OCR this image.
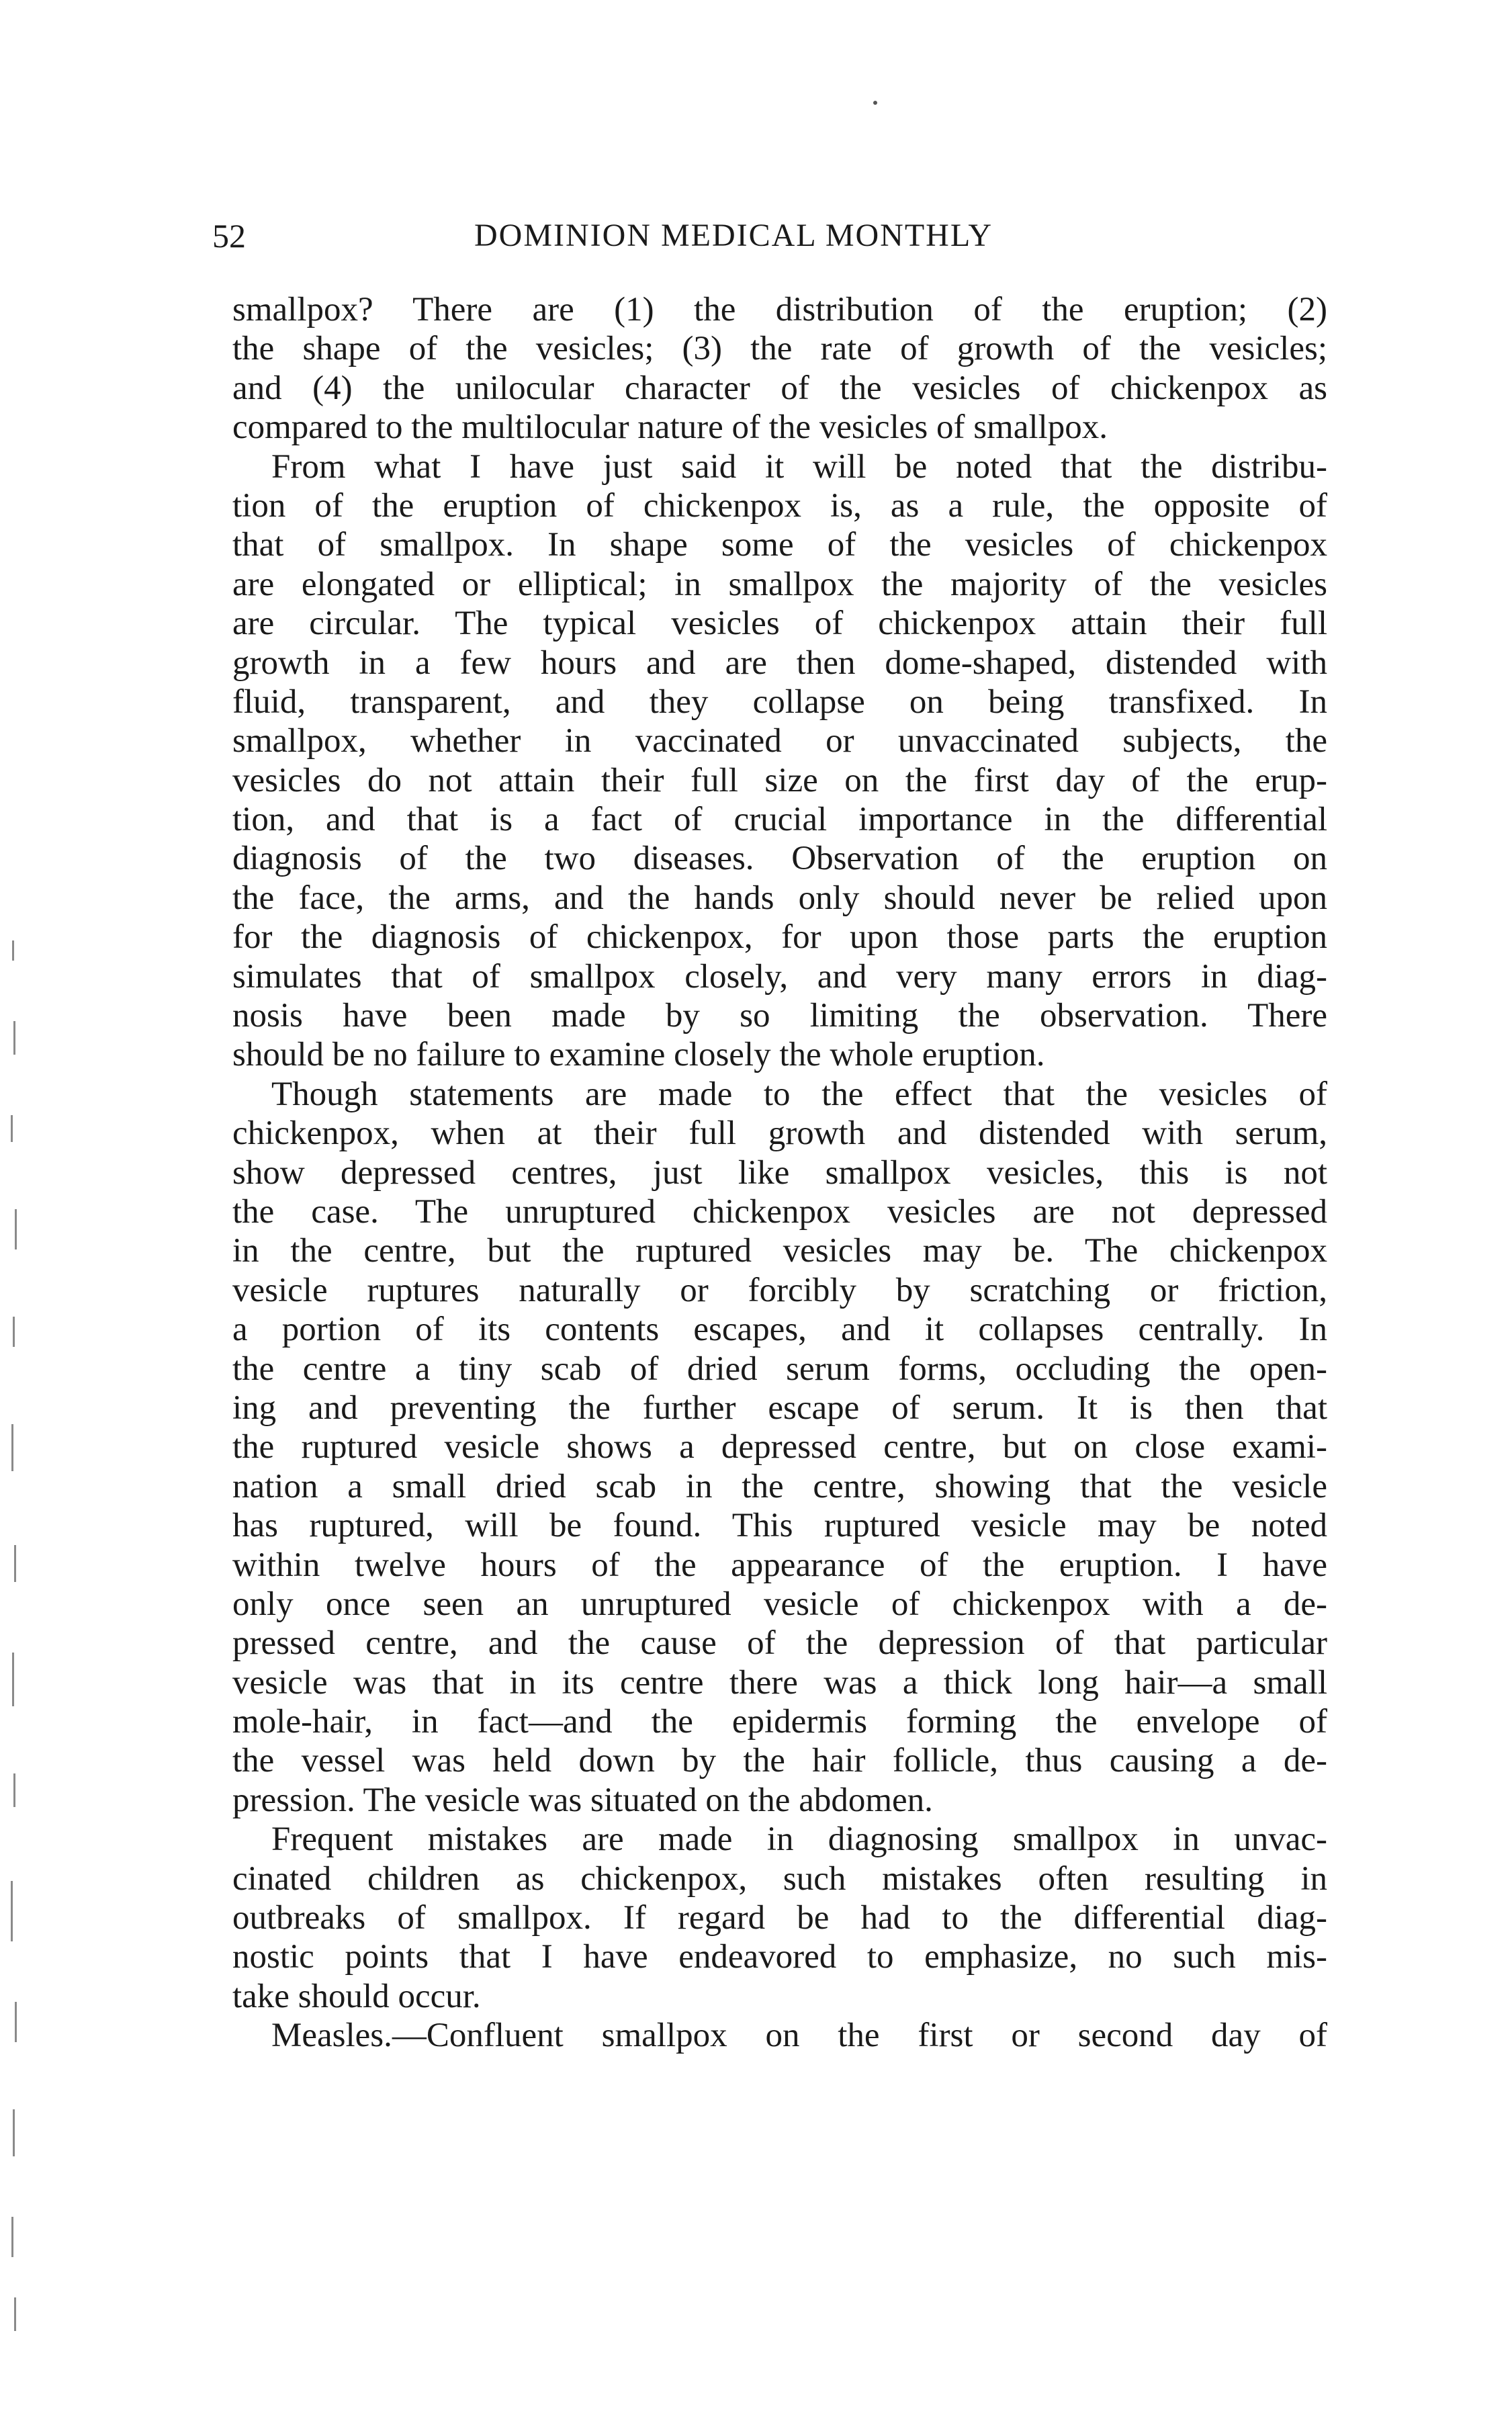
52	DOMINION MEDICAL MONTHLY
smallpox? There are (1) the distribution of the eruption; (2)
the shape of the vesicles; (3) the rate of growth of the vesicles;
and (4) the unilocular character of the vesicles of chickenpox as
compared to the multilocular nature of the vesicles of smallpox.
From what I have just said it will be noted that the distribu-
tion of the eruption of chickenpox is, as a rule, the opposite of
that of smallpox. In shape some of the vesicles of chickenpox
are elongated or elliptical; in smallpox the majority of the vesicles
are circular. The typical vesicles of chickenpox attain their full
growth in a few hours and are then dome-shaped, distended with
fluid, transparent, and they collapse on being transfixed. In
smallpox, whether in vaccinated or unvaccinated subjects, the
vesicles do not attain their full size on the first day of the erup-
tion, and that is a fact of crucial importance in the differential
diagnosis of the two diseases. Observation of the eruption on
the face, the arms, and the hands only should never be relied upon
for the diagnosis of chickenpox, for upon those parts the eruption
simulates that of smallpox closely, and very many errors in diag-
nosis have been made by so limiting the observation. There
should be no failure to examine closely the whole eruption.
Though statements are made to the effect that the vesicles of
chickenpox, when at their full growth and distended with serum,
show depressed centres, just like smallpox vesicles, this is not
the case. The unruptured chickenpox vesicles are not depressed
in the centre, but the ruptured vesicles may be. The chickenpox
vesicle ruptures naturally or forcibly by scratching or friction,
a portion of its contents escapes, and it collapses centrally. In
the centre a tiny scab of dried serum forms, occluding the open-
ing and preventing the further escape of serum. It is then that
the ruptured vesicle shows a depressed centre, but on close exami-
nation a small dried scab in the centre, showing that the vesicle
has ruptured, will be found. This ruptured vesicle may be noted
within twelve hours of the appearance of the eruption. I have
only once seen an unruptured vesicle of chickenpox with a de-
pressed centre, and the cause of the depression of that particular
vesicle was that in its centre there was a thick long hair—a small
mole-hair, in fact—and the epidermis forming the envelope of
the vessel was held down by the hair follicle, thus causing a de-
pression. The vesicle was situated on the abdomen.
Frequent mistakes are made in diagnosing smallpox in unvac-
cinated children as chickenpox, such mistakes often resulting in
outbreaks of smallpox. If regard be had to the differential diag-
nostic points that I have endeavored to emphasize, no such mis-
take should occur.
Measles.—Confluent smallpox on the first or second day of
